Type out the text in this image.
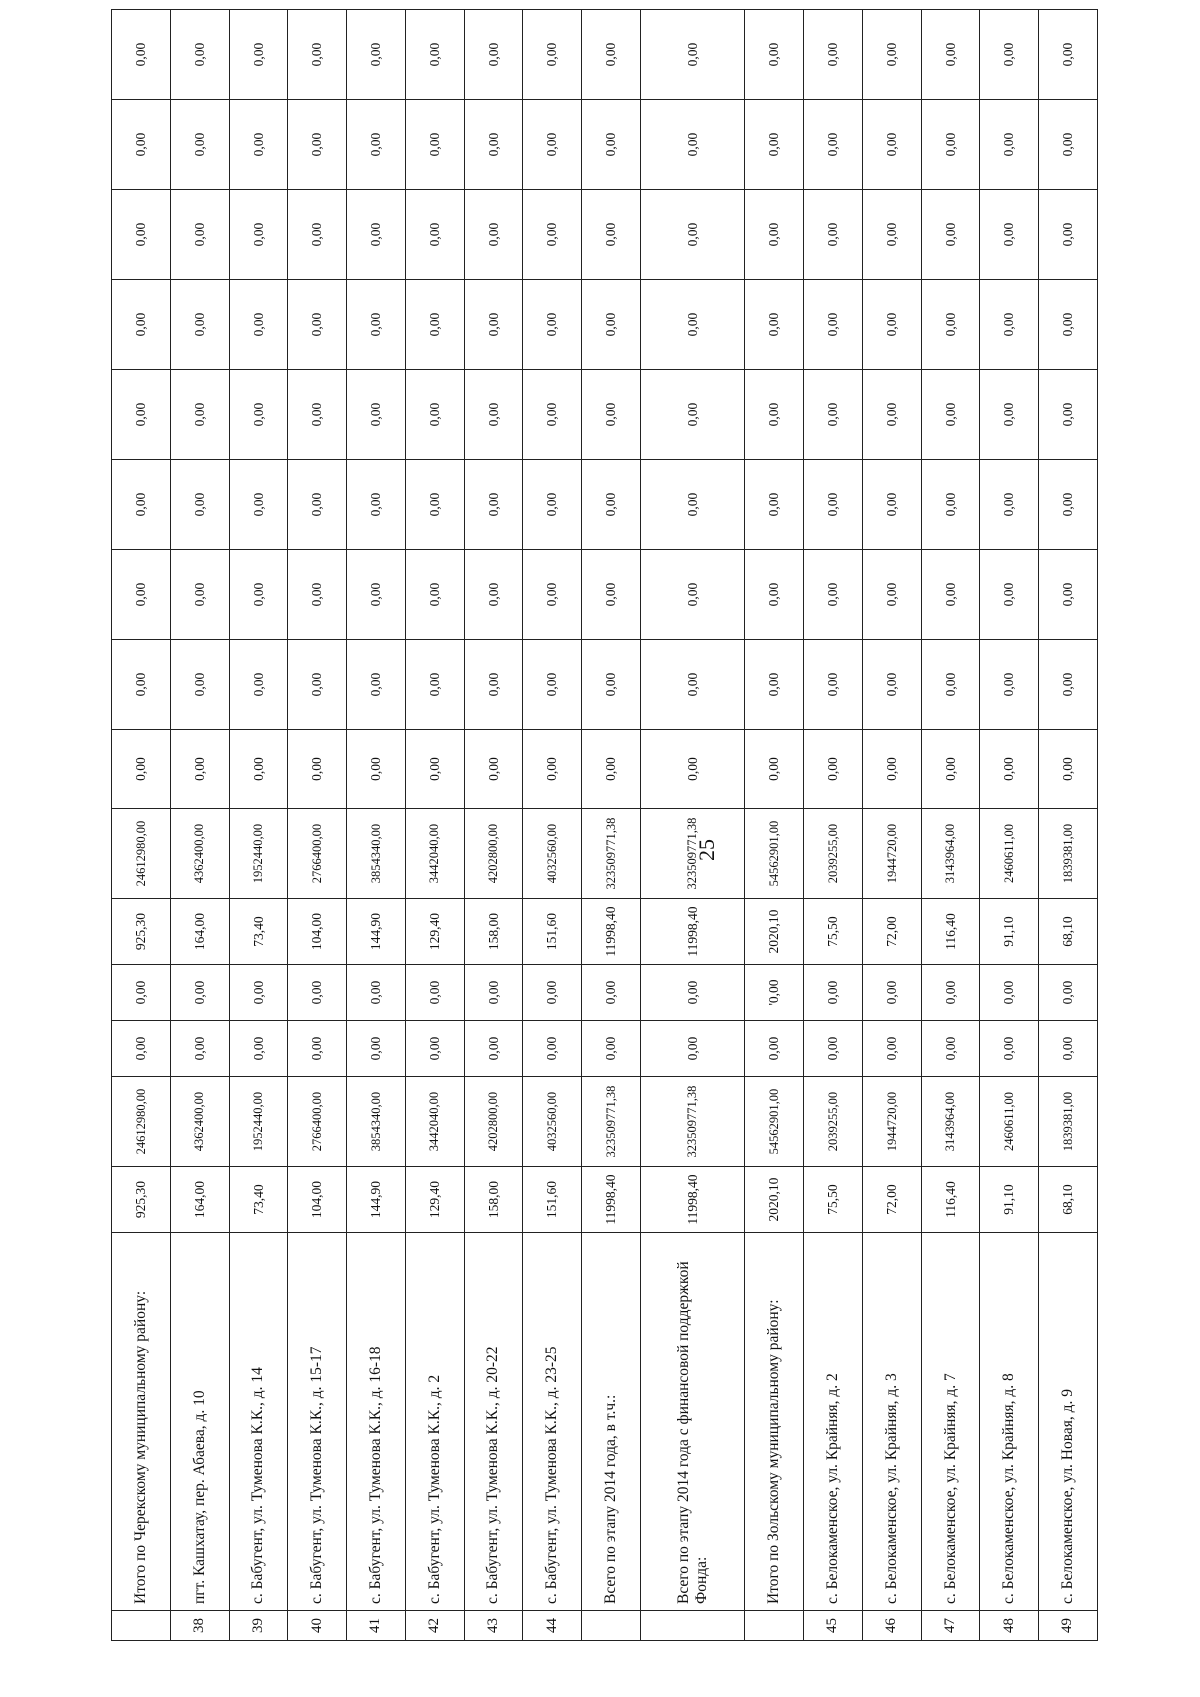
25
	Итого по Черекскому муниципальному району:	925,30	24612980,00	0,00	0,00	925,30	24612980,00	0,00	0,00	0,00	0,00	0,00	0,00	0,00	0,00	0,00
38	пгт. Кашхатау, пер. Абаева, д. 10	164,00	4362400,00	0,00	0,00	164,00	4362400,00	0,00	0,00	0,00	0,00	0,00	0,00	0,00	0,00	0,00
39	с. Бабугент, ул. Туменова К.К., д. 14	73,40	1952440,00	0,00	0,00	73,40	1952440,00	0,00	0,00	0,00	0,00	0,00	0,00	0,00	0,00	0,00
40	с. Бабугент, ул. Туменова К.К., д. 15-17	104,00	2766400,00	0,00	0,00	104,00	2766400,00	0,00	0,00	0,00	0,00	0,00	0,00	0,00	0,00	0,00
41	с. Бабугент, ул. Туменова К.К., д. 16-18	144,90	3854340,00	0,00	0,00	144,90	3854340,00	0,00	0,00	0,00	0,00	0,00	0,00	0,00	0,00	0,00
42	с. Бабугент, ул. Туменова К.К., д. 2	129,40	3442040,00	0,00	0,00	129,40	3442040,00	0,00	0,00	0,00	0,00	0,00	0,00	0,00	0,00	0,00
43	с. Бабугент, ул. Туменова К.К., д. 20-22	158,00	4202800,00	0,00	0,00	158,00	4202800,00	0,00	0,00	0,00	0,00	0,00	0,00	0,00	0,00	0,00
44	с. Бабугент, ул. Туменова К.К., д. 23-25	151,60	4032560,00	0,00	0,00	151,60	4032560,00	0,00	0,00	0,00	0,00	0,00	0,00	0,00	0,00	0,00
	Всего по этапу 2014 года, в т.ч.:	11998,40	323509771,38	0,00	0,00	11998,40	323509771,38	0,00	0,00	0,00	0,00	0,00	0,00	0,00	0,00	0,00
	Всего по этапу 2014 года с финансовой поддержкой Фонда:	11998,40	323509771,38	0,00	0,00	11998,40	323509771,38	0,00	0,00	0,00	0,00	0,00	0,00	0,00	0,00	0,00
	Итого по Зольскому муниципальному району:	2020,10	54562901,00	0,00	'0,00	2020,10	54562901,00	0,00	0,00	0,00	0,00	0,00	0,00	0,00	0,00	0,00
45	с. Белокаменское, ул. Крайняя, д. 2	75,50	2039255,00	0,00	0,00	75,50	2039255,00	0,00	0,00	0,00	0,00	0,00	0,00	0,00	0,00	0,00
46	с. Белокаменское, ул. Крайняя, д. 3	72,00	1944720,00	0,00	0,00	72,00	1944720,00	0,00	0,00	0,00	0,00	0,00	0,00	0,00	0,00	0,00
47	с. Белокаменское, ул. Крайняя, д. 7	116,40	3143964,00	0,00	0,00	116,40	3143964,00	0,00	0,00	0,00	0,00	0,00	0,00	0,00	0,00	0,00
48	с. Белокаменское, ул. Крайняя, д. 8	91,10	2460611,00	0,00	0,00	91,10	2460611,00	0,00	0,00	0,00	0,00	0,00	0,00	0,00	0,00	0,00
49	с. Белокаменское, ул. Новая, д. 9	68,10	1839381,00	0,00	0,00	68,10	1839381,00	0,00	0,00	0,00	0,00	0,00	0,00	0,00	0,00	0,00
